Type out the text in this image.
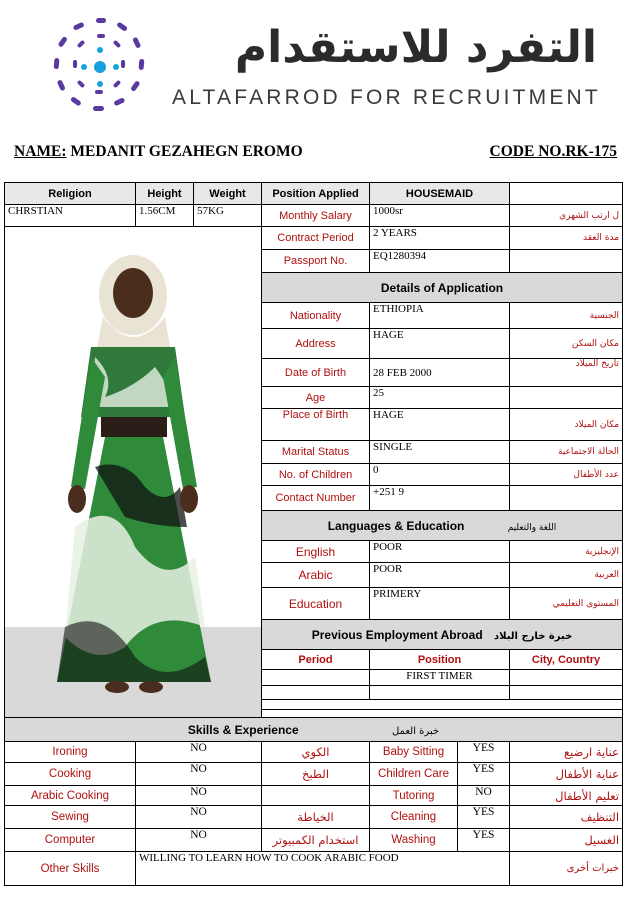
التفرد للاستقدام
ALTAFARROD FOR RECRUITMENT
NAME: MEDANIT GEZAHEGN EROMO	CODE NO.RK-175
Religion	Height	Weight	Position Applied	HOUSEMAID		
CHRSTIAN	1.56CM	57KG	Monthly Salary	1000sr		ل ارتب الشهري

	Contract Period	2 YEARS		مدة العقد
			Passport No.	EQ1280394		
			Details of Application			
			Nationality	ETHIOPIA		الجنسية
			Address	HAGE		مكان السكن
			Date of Birth	28 FEB 2000		تاريخ الميلاد
			Age	25		
			Place of Birth	HAGE		مكان الميلاد
			Marital Status	SINGLE		الحالة الاجتماعية
			No. of Children	0		عدد الأطفال
			Contact Number	+251 9		
			Languages & Education اللغة والتعليم			
			English	POOR		الإنجليزية
			Arabic	POOR		العربية
			Education	PRIMERY		المستوى التعليمي
			Previous Employment Abroad خبرة خارج البلاد			
			Period	Position		City, Country
				FIRST TIMER		

Skills & Experience خبرة العمل						
Ironing	NO		الكوي	Baby Sitting	YES	عناية ارضيع
Cooking	NO		الطبخ	Children Care	YES	عناية الأطفال
Arabic Cooking	NO			Tutoring	NO	تعليم الأطفال
Sewing	NO		الخياطة	Cleaning	YES	التنظيف
Computer	NO		استخدام الكمبيوتر	Washing	YES	الغسيل
Other Skills	WILLING TO LEARN HOW TO COOK ARABIC FOOD					خبرات أخرى
